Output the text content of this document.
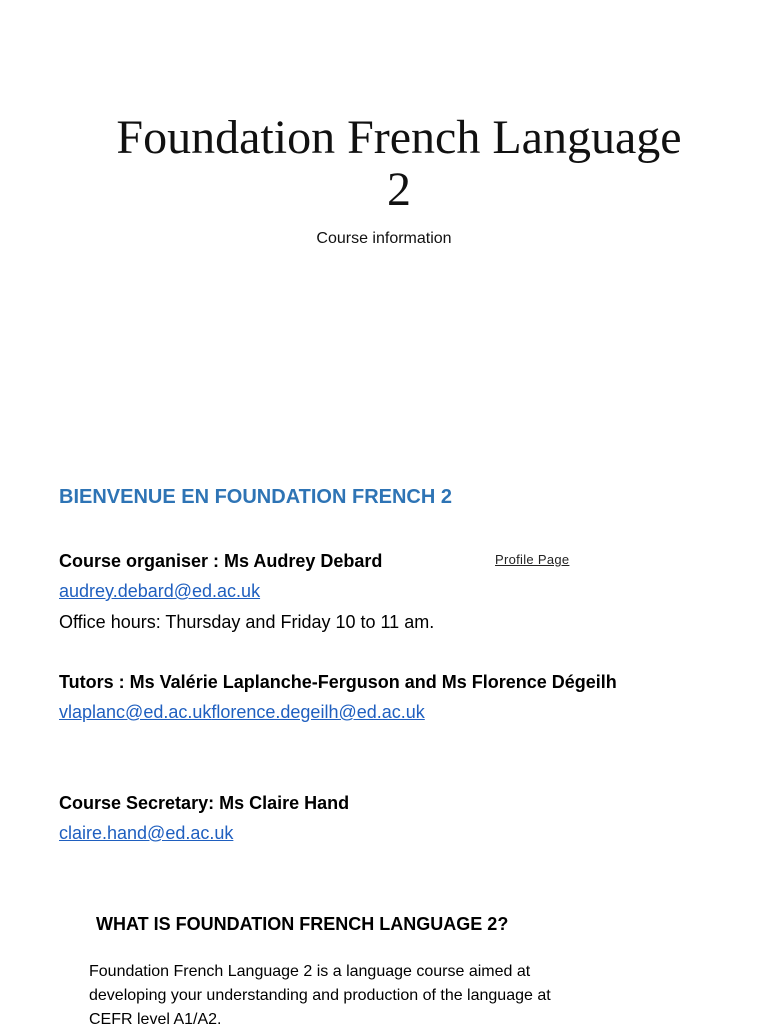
Foundation French Language
2
Course information
BIENVENUE EN FOUNDATION FRENCH 2
Course organiser : Ms Audrey Debard	Profile Page
audrey.debard@ed.ac.uk
Office hours: Thursday and Friday 10 to 11 am.
Tutors : Ms Valérie Laplanche-Ferguson and Ms Florence Dégeilh
vlaplanc@ed.ac.ukflorence.degeilh@ed.ac.uk
Course Secretary: Ms Claire Hand
claire.hand@ed.ac.uk
WHAT IS FOUNDATION FRENCH LANGUAGE 2?
Foundation French Language 2 is a language course aimed at
developing your understanding and production of the language at
CEFR level A1/A2.
